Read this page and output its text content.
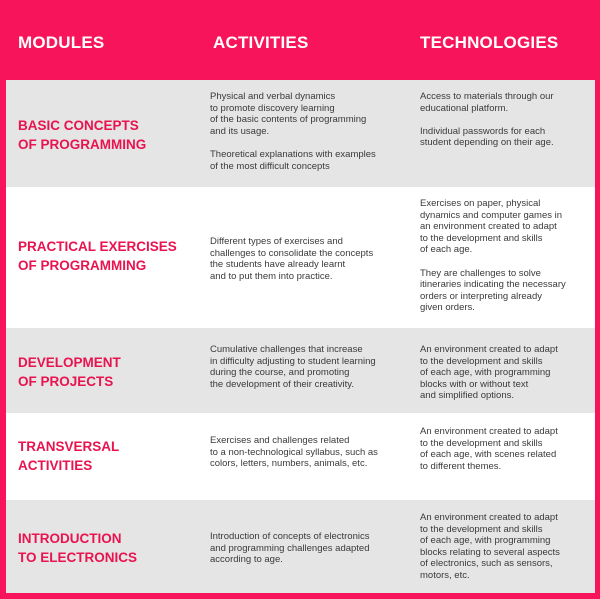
MODULES	ACTIVITIES	TECHNOLOGIES
BASIC CONCEPTS
OF PROGRAMMING
Physical and verbal dynamics
to promote discovery learning
of the basic contents of programming
and its usage.
Theoretical explanations with examples
of the most difficult concepts
Access to materials through our
educational platform.
Individual passwords for each
student depending on their age.
PRACTICAL EXERCISES
OF PROGRAMMING
Different types of exercises and
challenges to consolidate the concepts
the students have already learnt
and to put them into practice.
Exercises on paper, physical
dynamics and computer games in
an environment created to adapt
to the development and skills
of each age.
They are challenges to solve
itineraries indicating the necessary
orders or interpreting already
given orders.
DEVELOPMENT
OF PROJECTS
Cumulative challenges that increase
in difficulty adjusting to student learning
during the course, and promoting
the development of their creativity.
An environment created to adapt
to the development and skills
of each age, with programming
blocks with or without text
and simplified options.
TRANSVERSAL
ACTIVITIES
Exercises and challenges related
to a non-technological syllabus, such as
colors, letters, numbers, animals, etc.
An environment created to adapt
to the development and skills
of each age, with scenes related
to different themes.
INTRODUCTION
TO ELECTRONICS
Introduction of concepts of electronics
and programming challenges adapted
according to age.
An environment created to adapt
to the development and skills
of each age, with programming
blocks relating to several aspects
of electronics, such as sensors,
motors, etc.
